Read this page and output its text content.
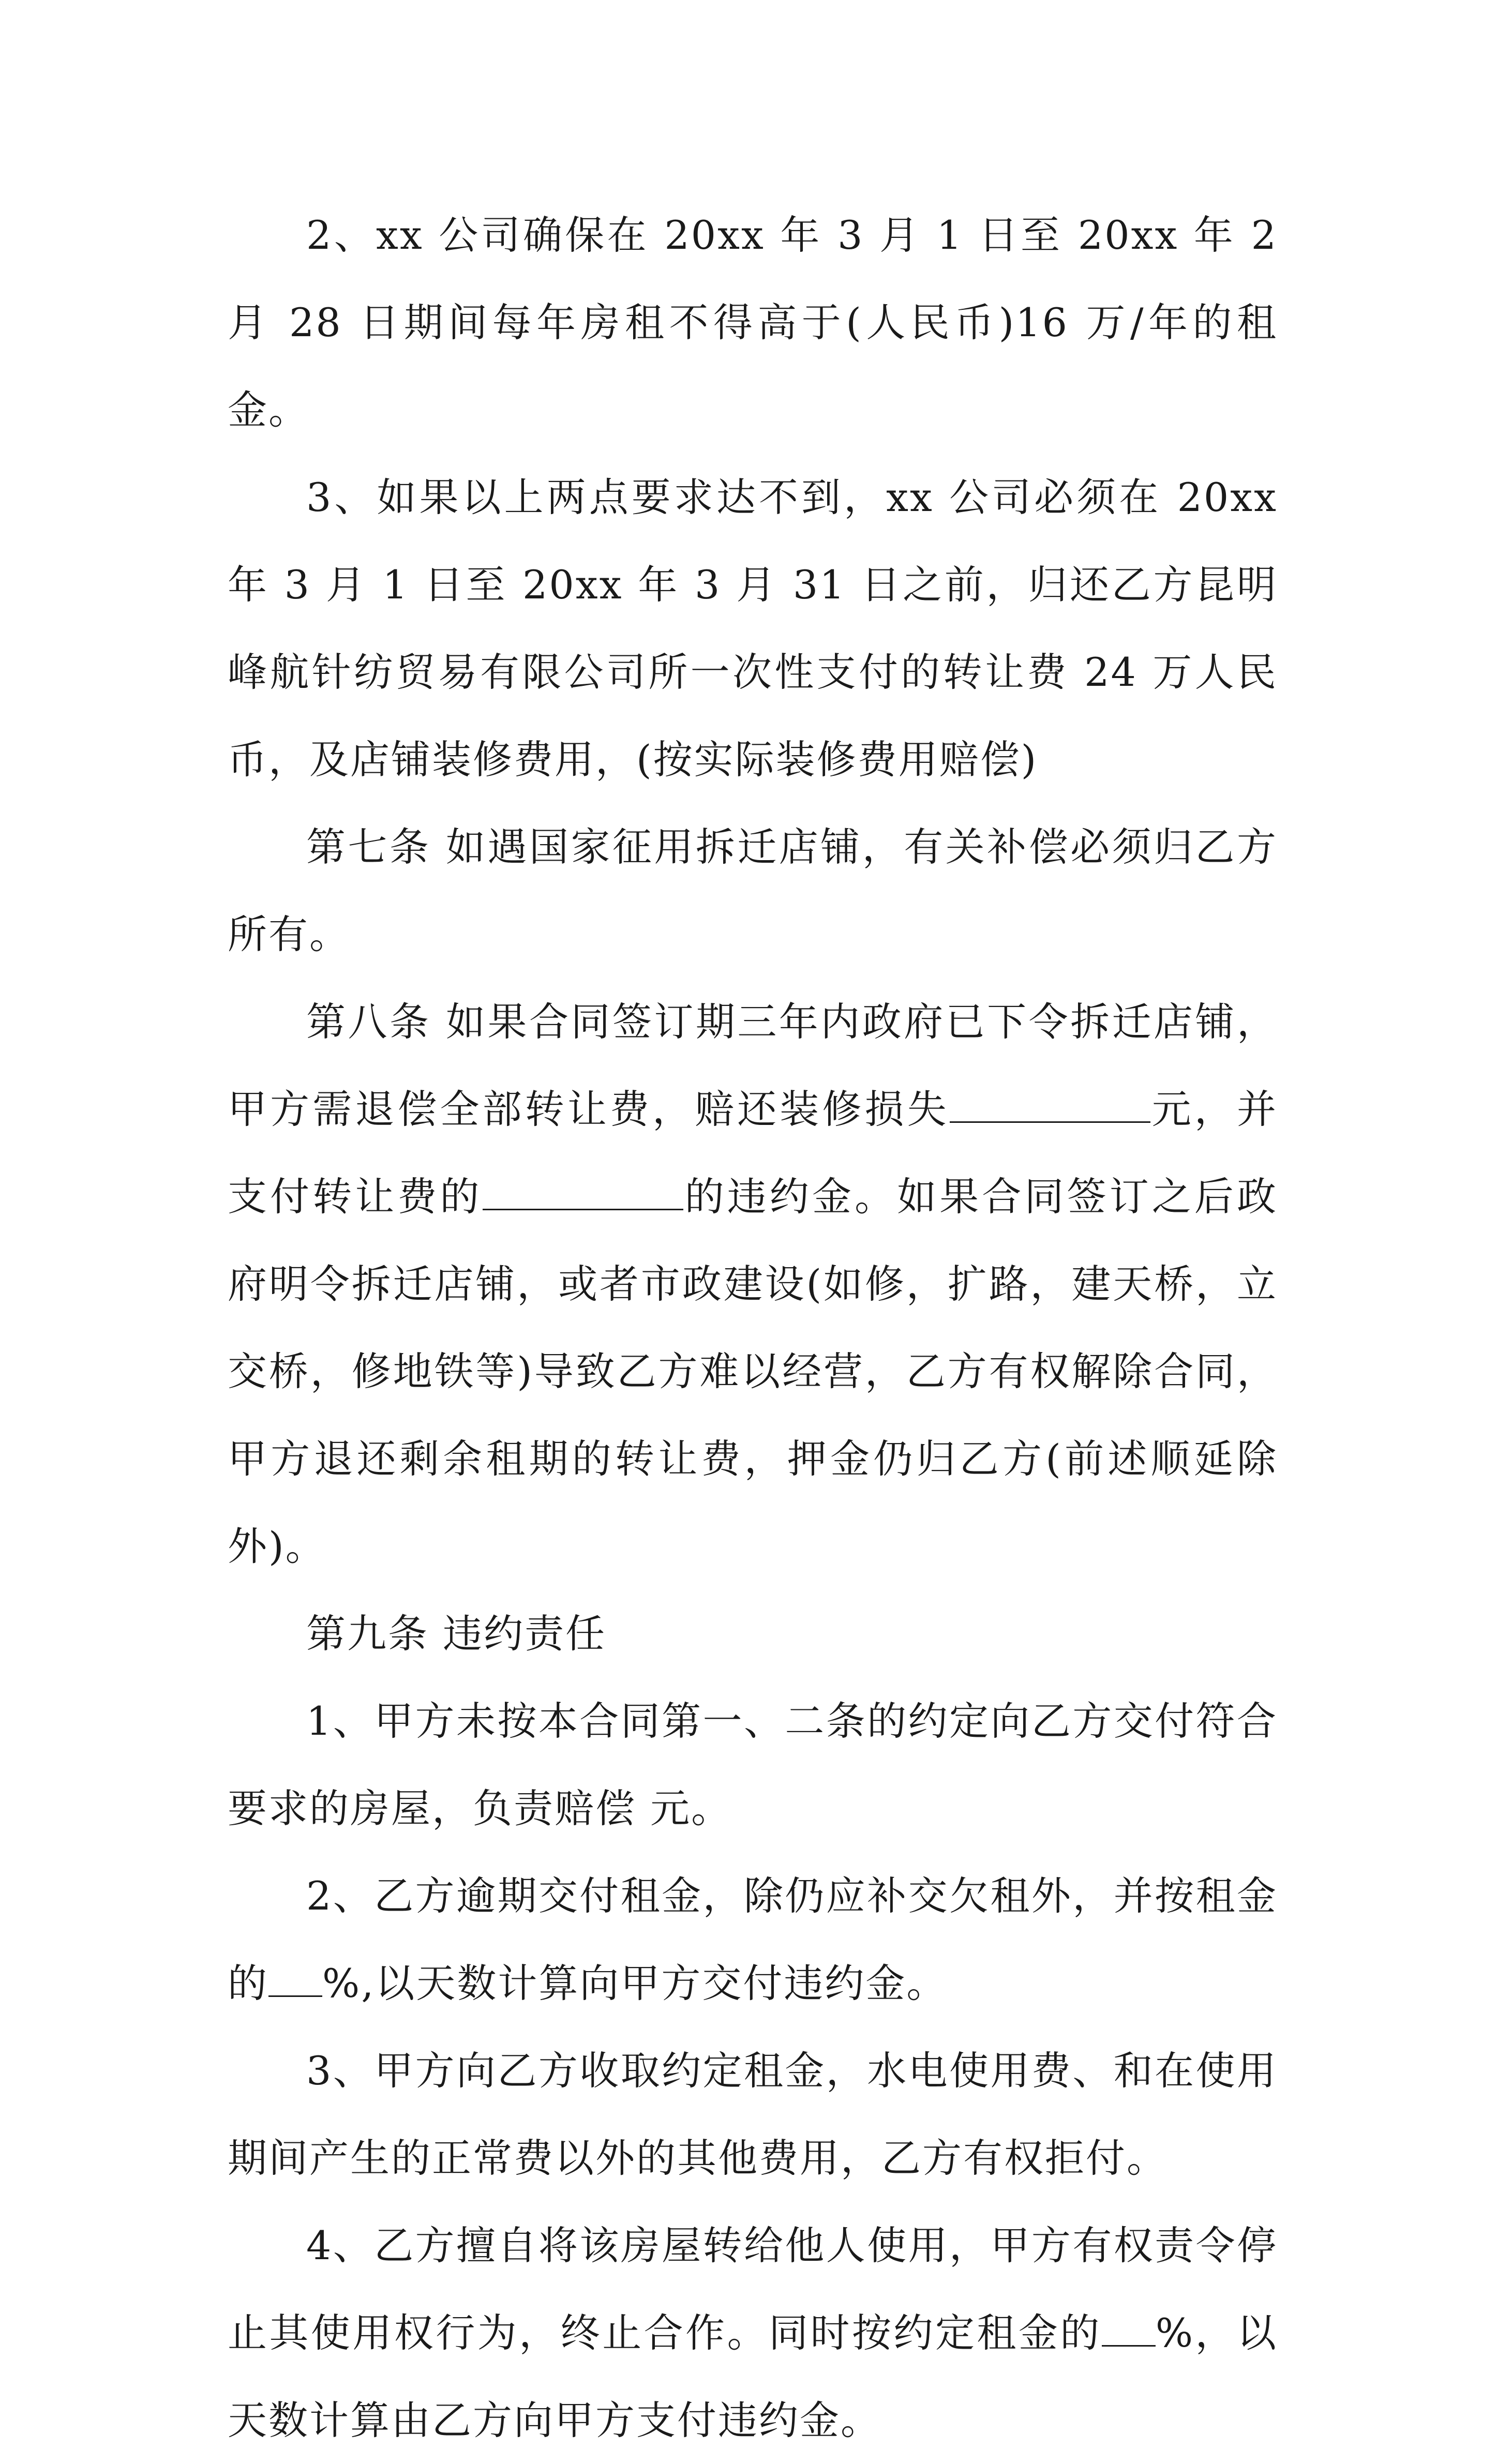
2、xx 公司确保在 20xx 年 3 月 1 日至 20xx 年 2 月 28 日期间每年房租不得高于(人民币)16 万/年的租金。

3、如果以上两点要求达不到，xx 公司必须在 20xx 年 3 月 1 日至 20xx 年 3 月 31 日之前，归还乙方昆明峰航针纺贸易有限公司所一次性支付的转让费 24 万人民币，及店铺装修费用，(按实际装修费用赔偿)

第七条 如遇国家征用拆迁店铺，有关补偿必须归乙方所有。

第八条 如果合同签订期三年内政府已下令拆迁店铺，甲方需退偿全部转让费，赔还装修损失	元，并支付转让费的	的违约金。如果合同签订之后政府明令拆迁店铺，或者市政建设(如修，扩路，建天桥，立交桥，修地铁等)导致乙方难以经营，乙方有权解除合同，甲方退还剩余租期的转让费，押金仍归乙方(前述顺延除外)。

第九条 违约责任

1、甲方未按本合同第一、二条的约定向乙方交付符合要求的房屋，负责赔偿 元。

2、乙方逾期交付租金，除仍应补交欠租外，并按租金的 %,以天数计算向甲方交付违约金。

3、甲方向乙方收取约定租金，水电使用费、和在使用期间产生的正常费以外的其他费用，乙方有权拒付。

4、乙方擅自将该房屋转给他人使用，甲方有权责令停止其使用权行为，终止合作。同时按约定租金的 %，以天数计算由乙方向甲方支付违约金。
